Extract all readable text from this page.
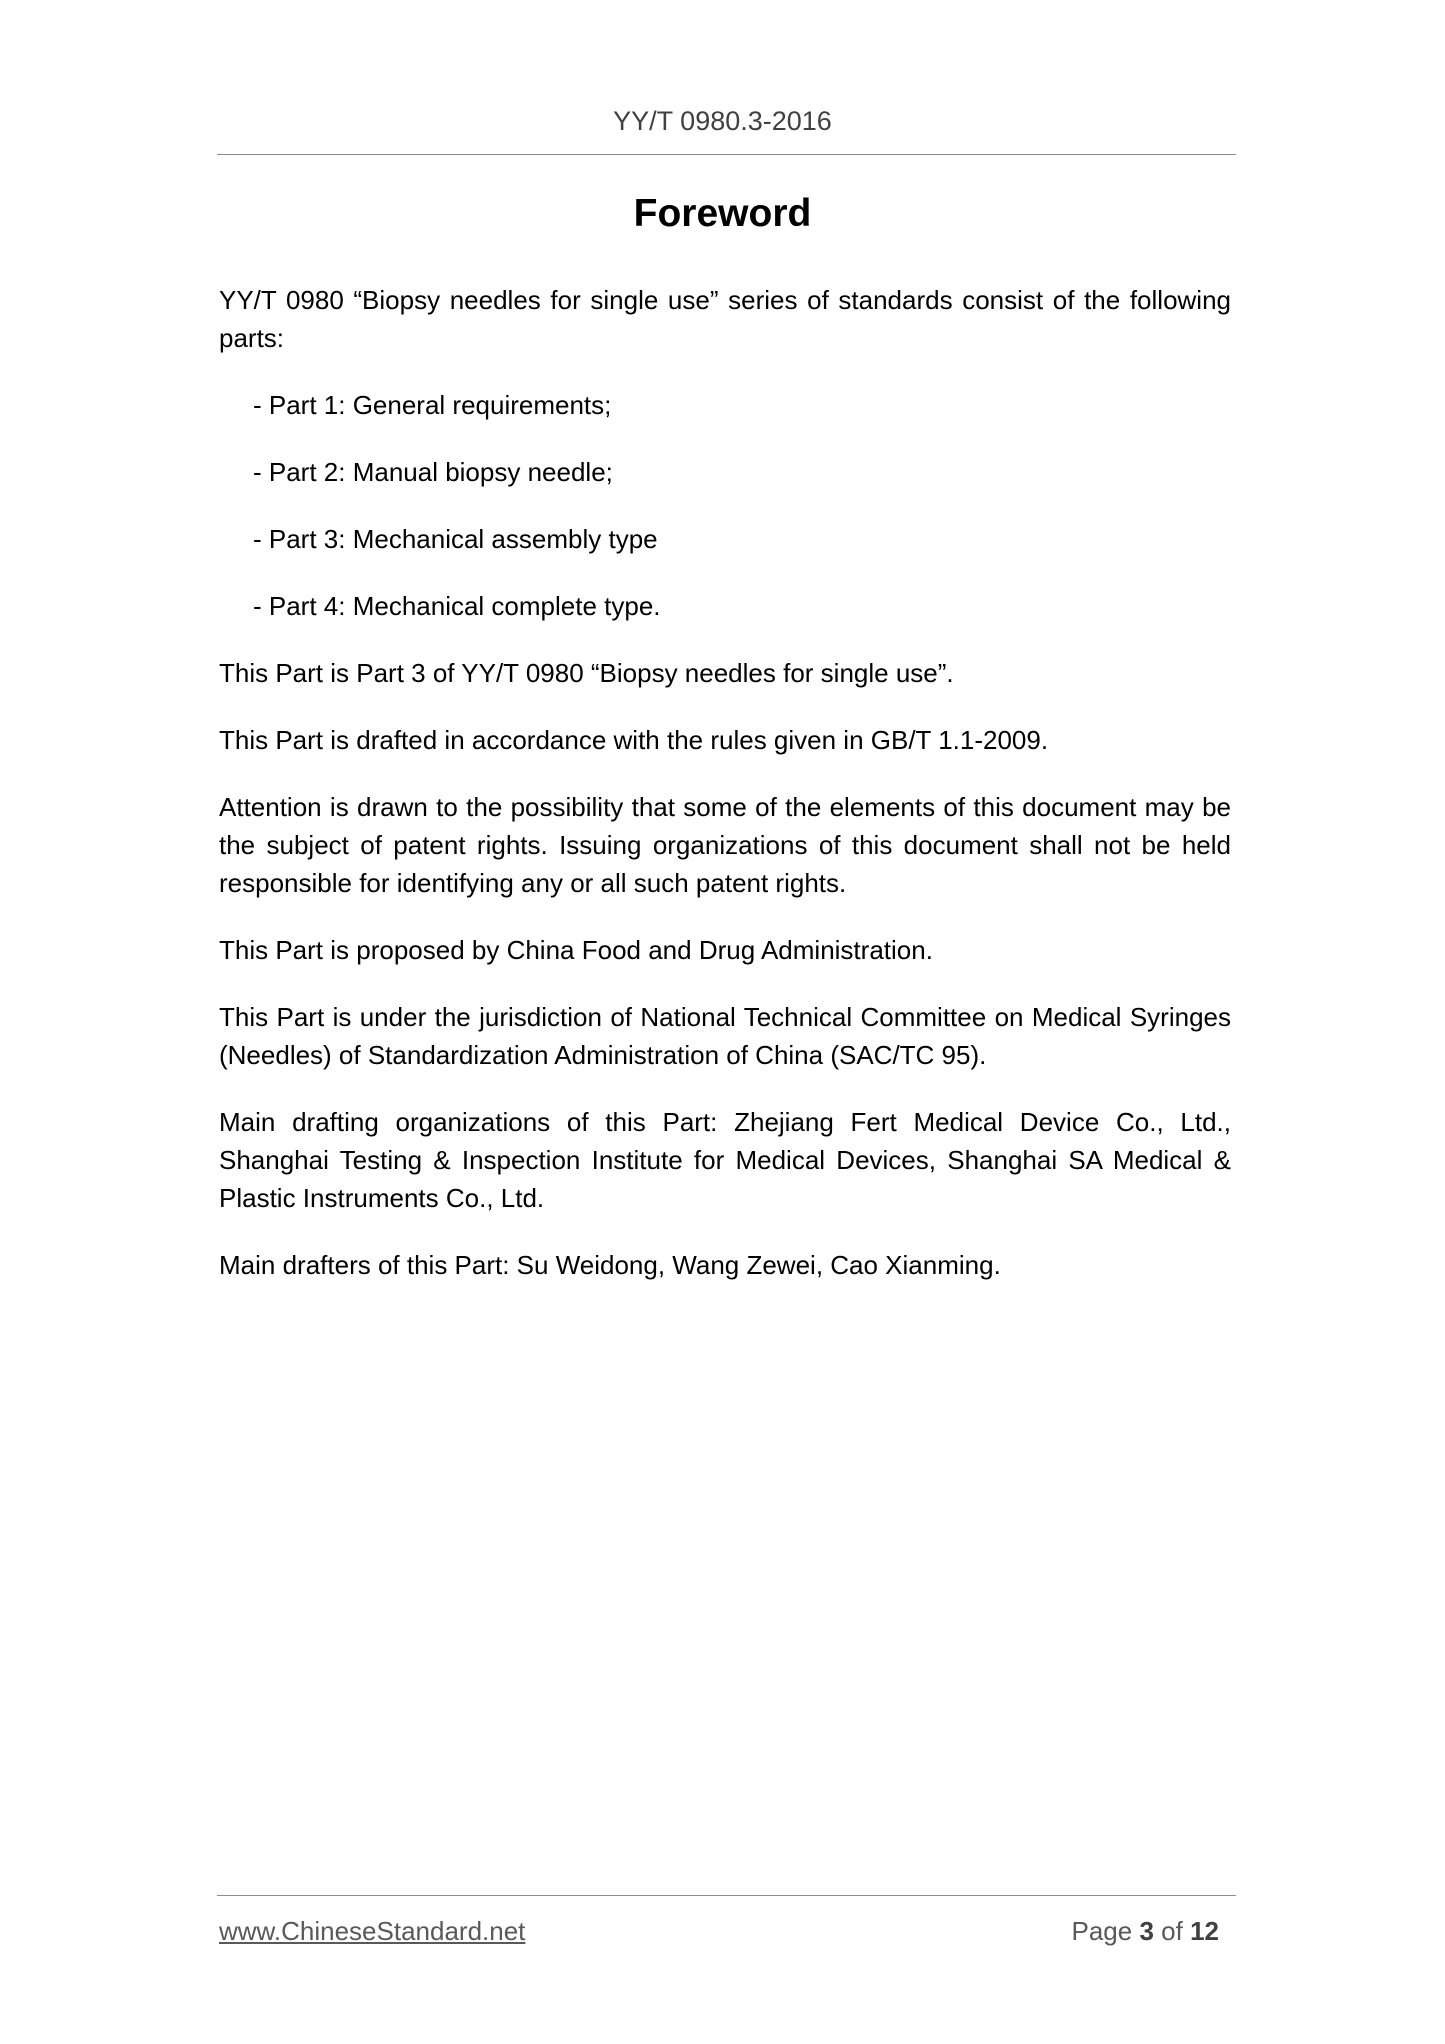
YY/T 0980.3-2016
Foreword

YY/T 0980 “Biopsy needles for single use” series of standards consist of the following parts:

- Part 1: General requirements;

- Part 2: Manual biopsy needle;

- Part 3: Mechanical assembly type

- Part 4: Mechanical complete type.

This Part is Part 3 of YY/T 0980 “Biopsy needles for single use”.

This Part is drafted in accordance with the rules given in GB/T 1.1-2009.

Attention is drawn to the possibility that some of the elements of this document may be the subject of patent rights. Issuing organizations of this document shall not be held responsible for identifying any or all such patent rights.

This Part is proposed by China Food and Drug Administration.

This Part is under the jurisdiction of National Technical Committee on Medical Syringes (Needles) of Standardization Administration of China (SAC/TC 95).

Main drafting organizations of this Part: Zhejiang Fert Medical Device Co., Ltd., Shanghai Testing & Inspection Institute for Medical Devices, Shanghai SA Medical & Plastic Instruments Co., Ltd.

Main drafters of this Part: Su Weidong, Wang Zewei, Cao Xianming.

www.ChineseStandard.net	Page 3 of 12
